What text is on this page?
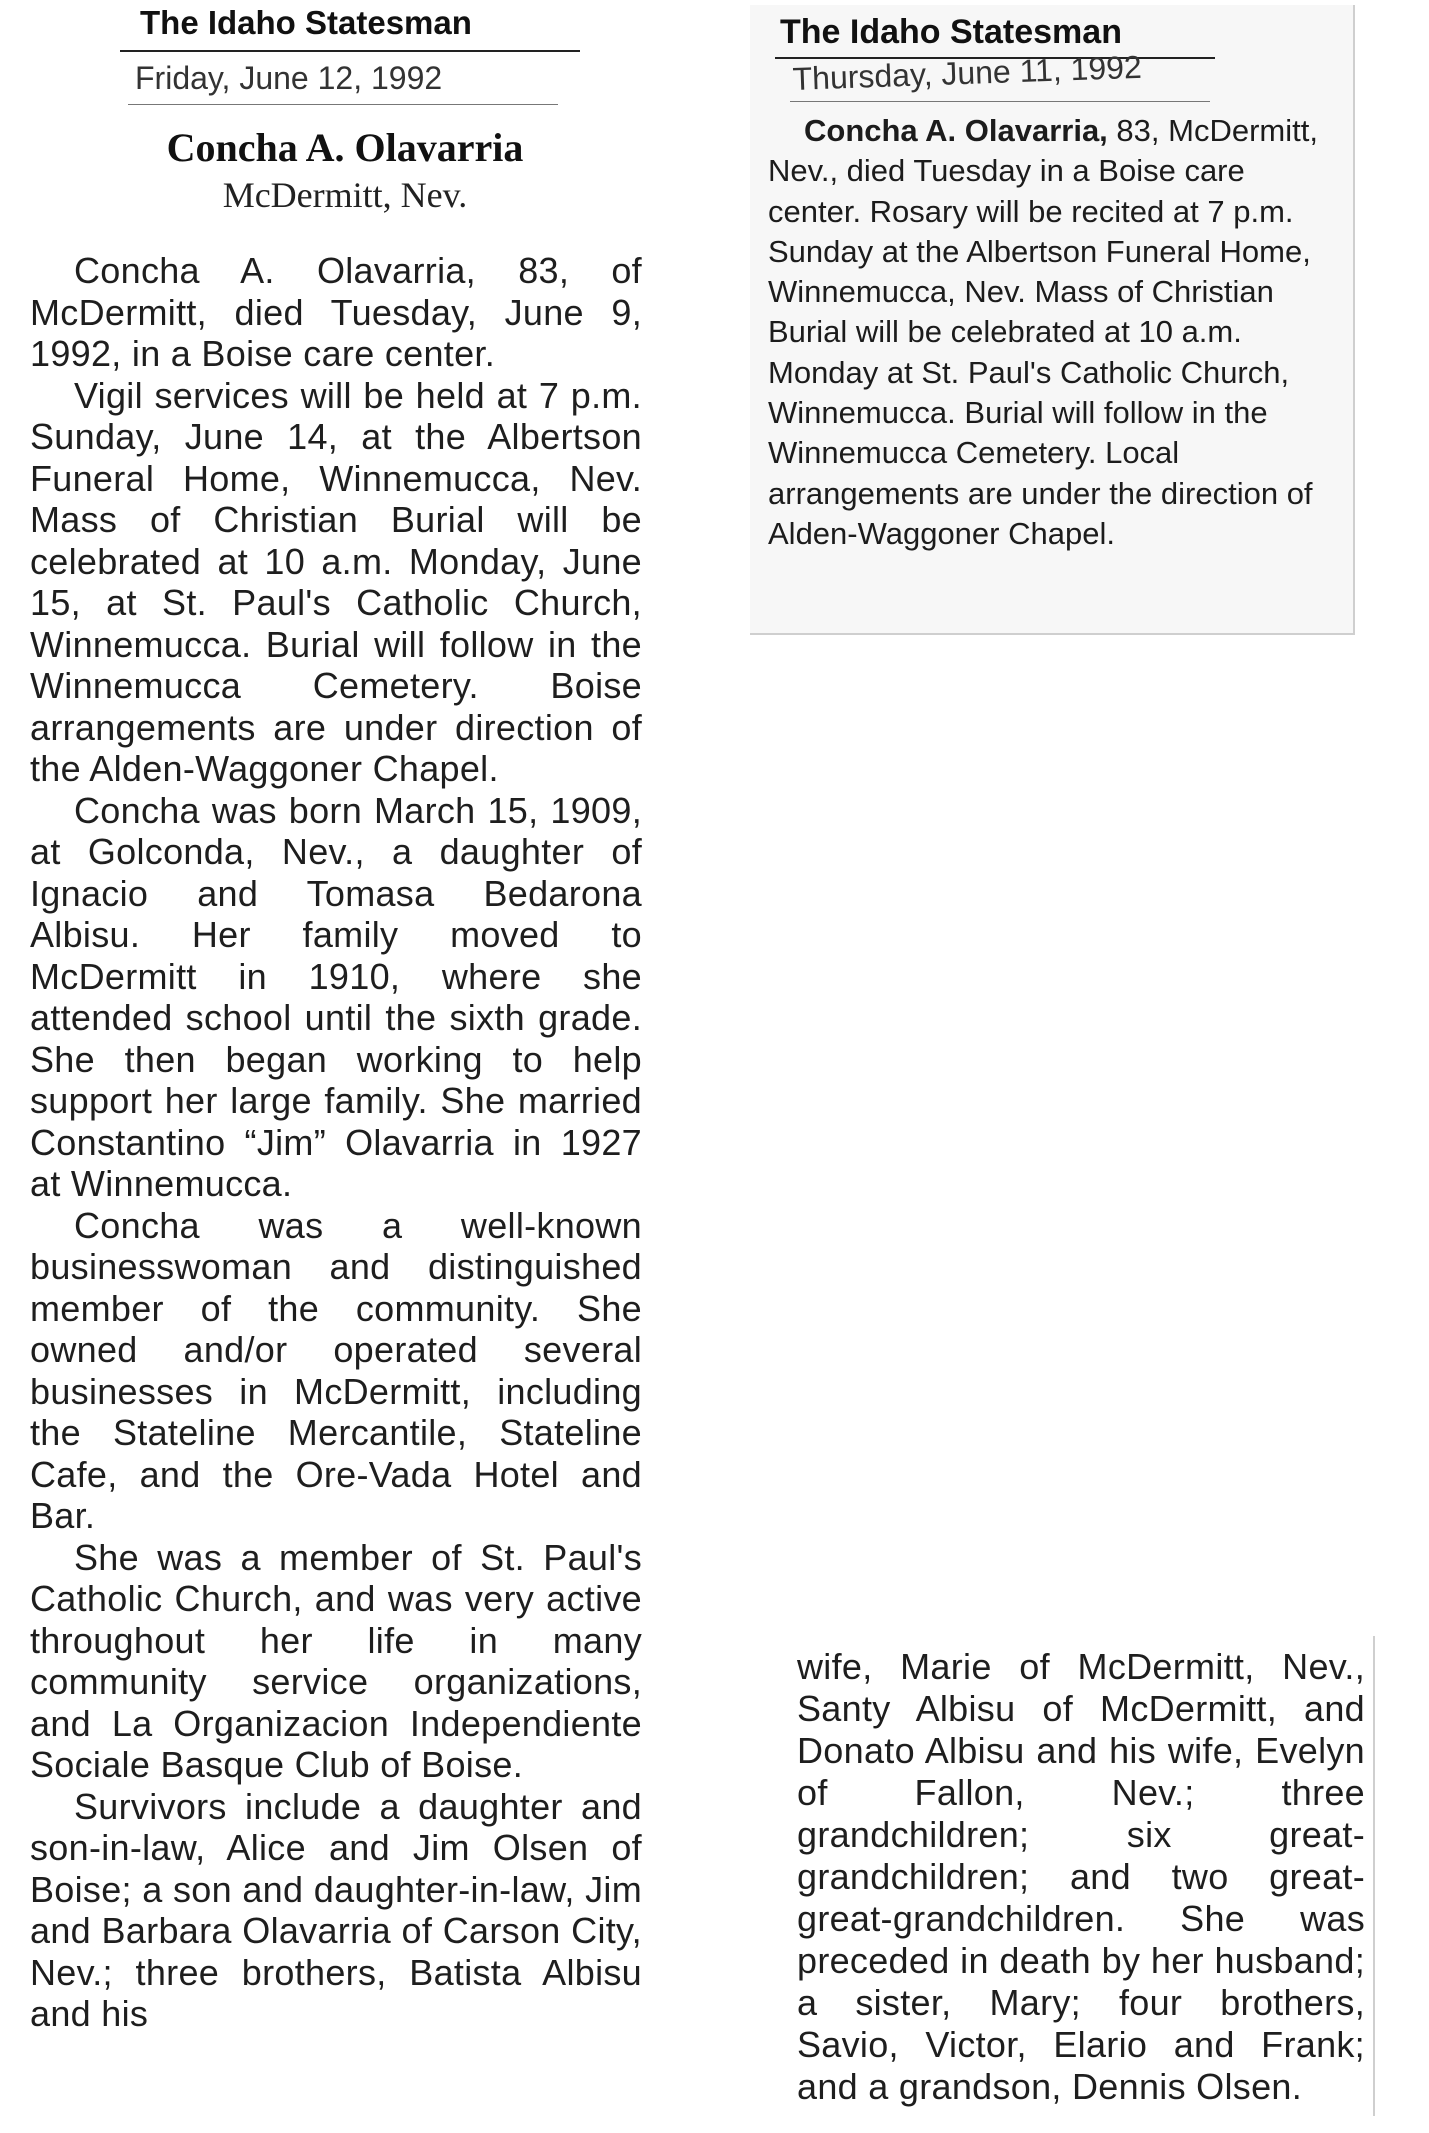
The Idaho Statesman
Friday, June 12, 1992
Concha A. Olavarria
McDermitt, Nev.

Concha A. Olavarria, 83, of McDermitt, died Tuesday, June 9, 1992, in a Boise care center.

Vigil services will be held at 7 p.m. Sunday, June 14, at the Albertson Funeral Home, Winnemucca, Nev. Mass of Christian Burial will be celebrated at 10 a.m. Monday, June 15, at St. Paul's Catholic Church, Winnemucca. Burial will follow in the Winnemucca Cemetery. Boise arrangements are under direction of the Alden-Waggoner Chapel.

Concha was born March 15, 1909, at Golconda, Nev., a daughter of Ignacio and Tomasa Bedarona Albisu. Her family moved to McDermitt in 1910, where she attended school until the sixth grade. She then began working to help support her large family. She married Constantino “Jim” Olavarria in 1927 at Winnemucca.

Concha was a well-known businesswoman and distinguished member of the community. She owned and/or operated several businesses in McDermitt, including the Stateline Mercantile, Stateline Cafe, and the Ore-Vada Hotel and Bar.

She was a member of St. Paul's Catholic Church, and was very active throughout her life in many community service organizations, and La Organizacion Independiente Sociale Basque Club of Boise.

Survivors include a daughter and son-in-law, Alice and Jim Olsen of Boise; a son and daughter-in-law, Jim and Barbara Olavarria of Carson City, Nev.; three brothers, Batista Albisu and his

The Idaho Statesman
Thursday, June 11, 1992

Concha A. Olavarria, 83, McDermitt, Nev., died Tuesday in a Boise care center. Rosary will be recited at 7 p.m. Sunday at the Albertson Funeral Home, Winnemucca, Nev. Mass of Christian Burial will be celebrated at 10 a.m. Monday at St. Paul's Catholic Church, Winnemucca. Burial will follow in the Winnemucca Cemetery. Local arrangements are under the direction of Alden-Waggoner Chapel.

wife, Marie of McDermitt, Nev., Santy Albisu of McDermitt, and Donato Albisu and his wife, Evelyn of Fallon, Nev.; three grandchildren; six great-grandchildren; and two great-great-grandchildren. She was preceded in death by her husband; a sister, Mary; four brothers, Savio, Victor, Elario and Frank; and a grandson, Dennis Olsen.
